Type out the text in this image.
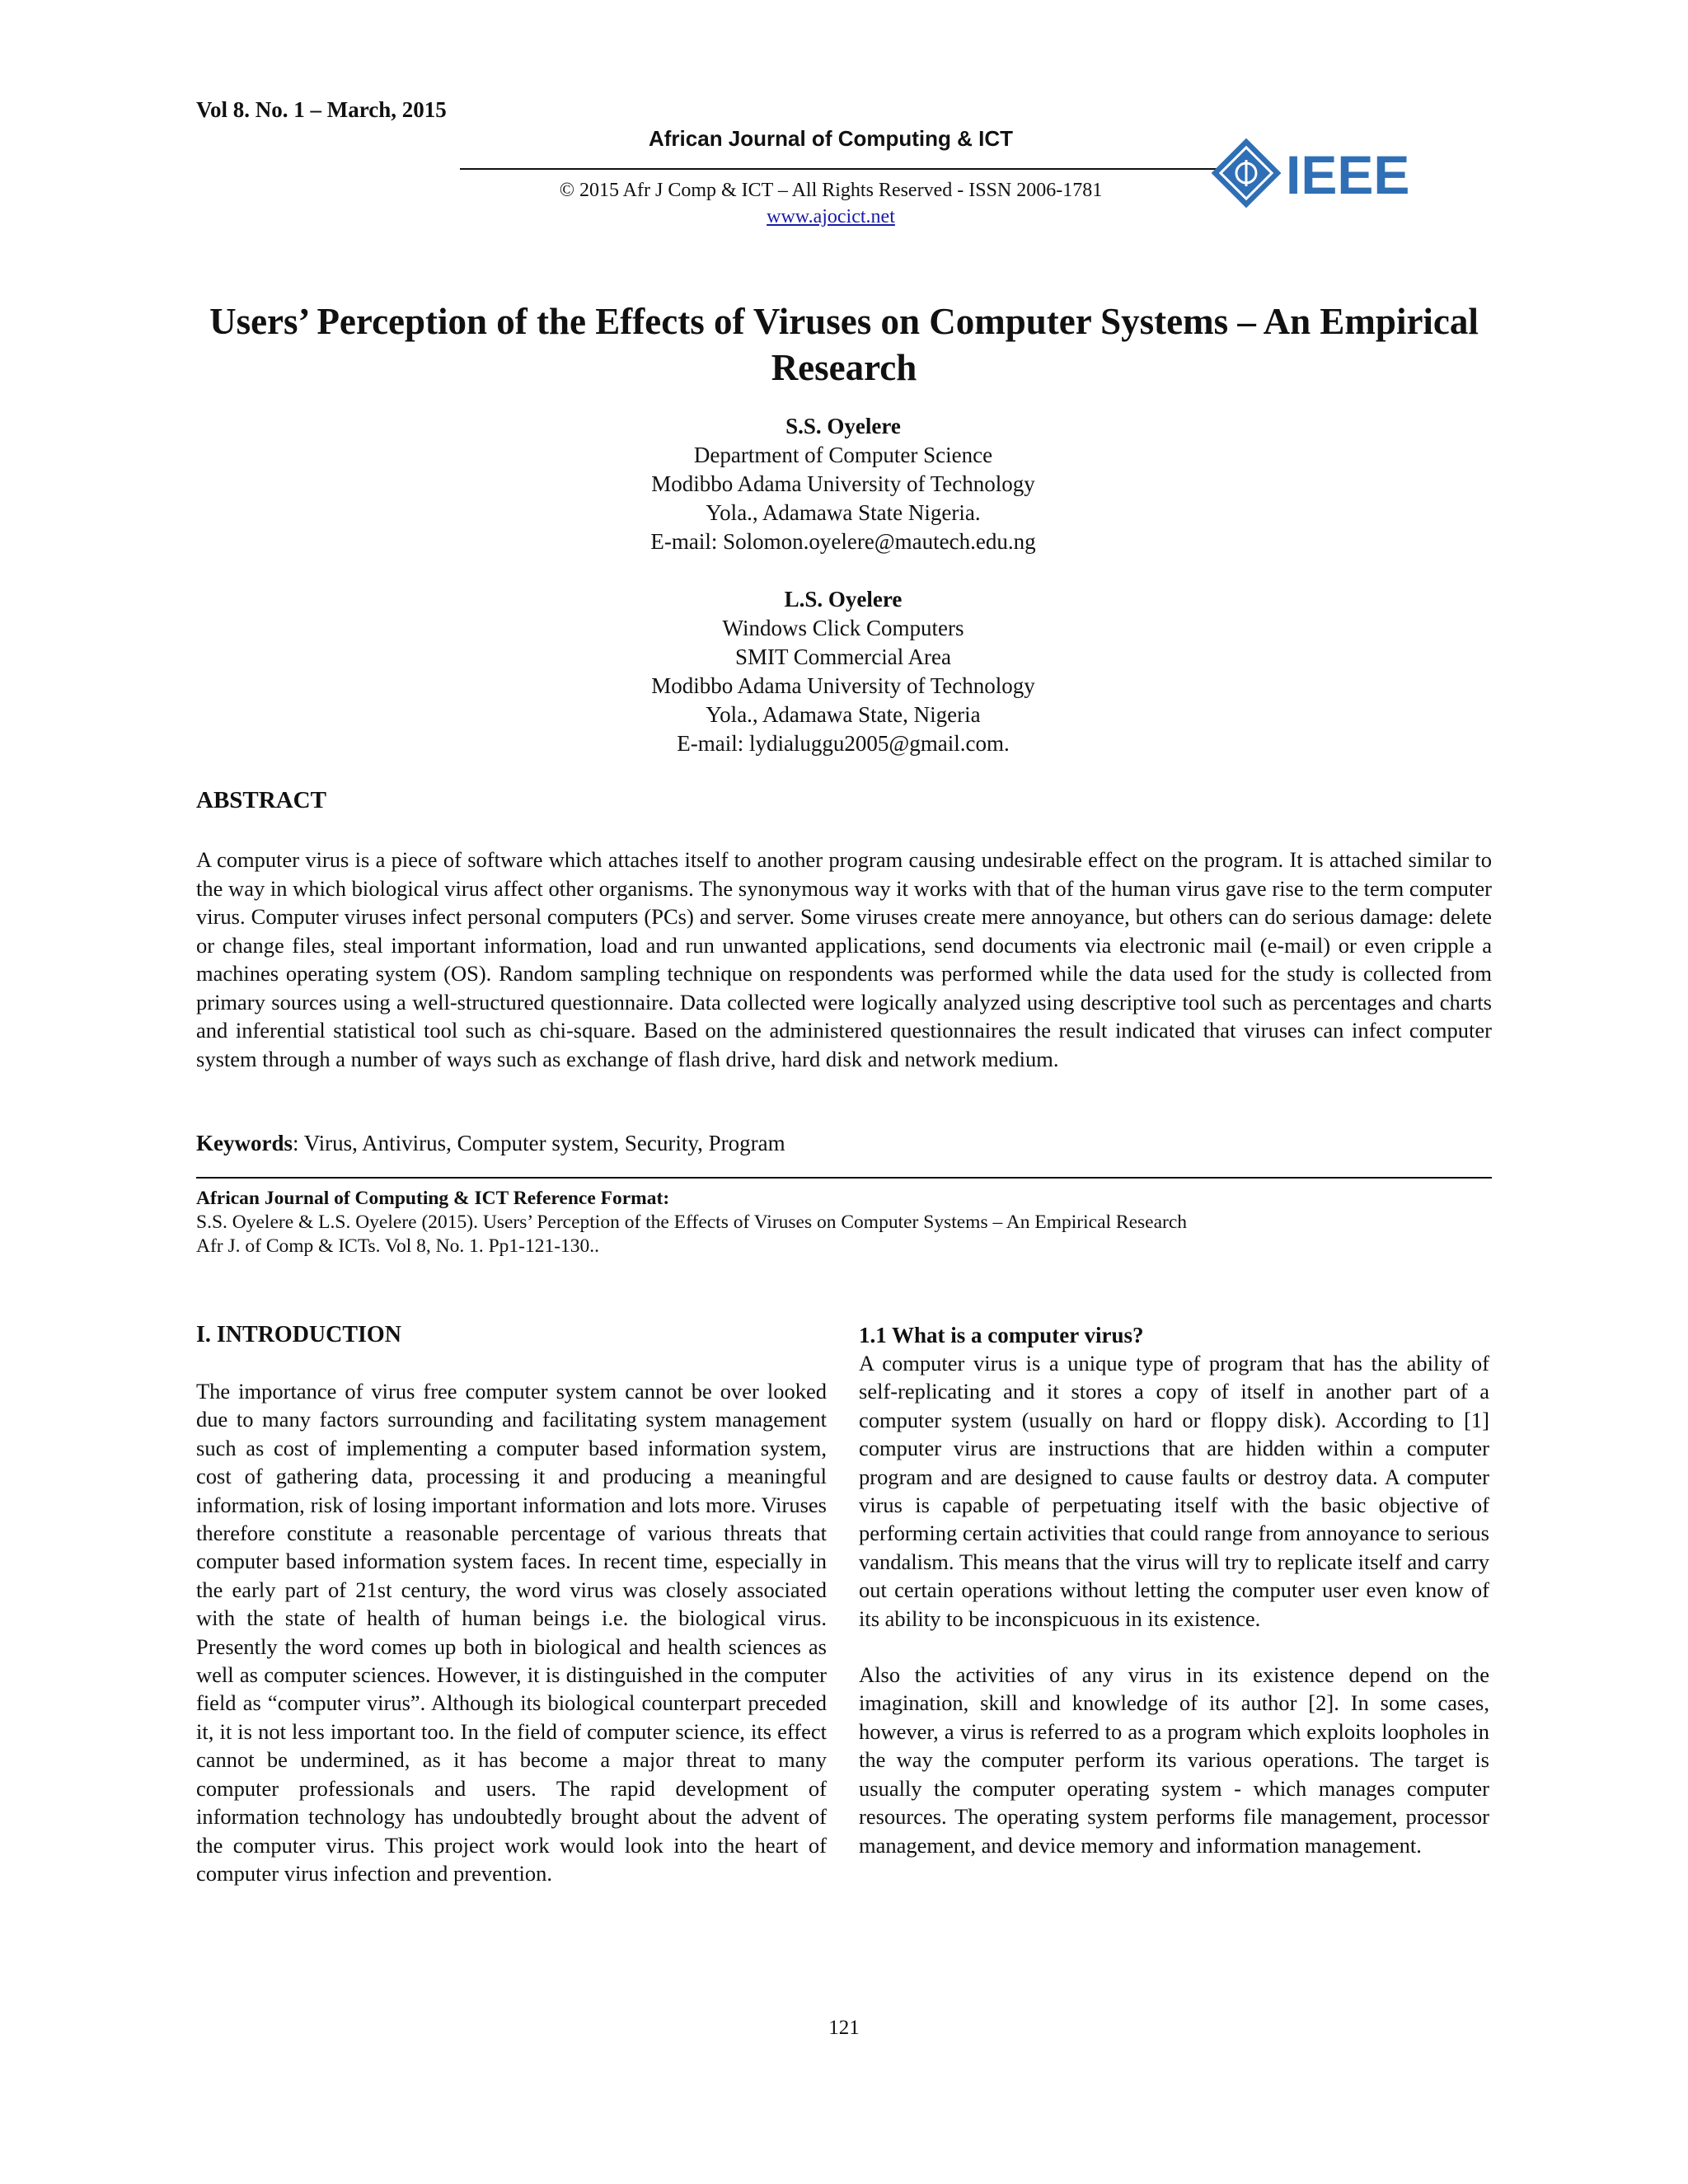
Vol 8. No. 1 – March, 2015
African Journal of Computing & ICT
© 2015 Afr J Comp & ICT – All Rights Reserved - ISSN 2006-1781
www.ajocict.net
IEEE
Users’ Perception of the Effects of Viruses on Computer Systems – An Empirical Research
S.S. Oyelere
Department of Computer Science
Modibbo Adama University of Technology
Yola., Adamawa State Nigeria.
E-mail: Solomon.oyelere@mautech.edu.ng
L.S. Oyelere
Windows Click Computers
SMIT Commercial Area
Modibbo Adama University of Technology
Yola., Adamawa State, Nigeria
E-mail: lydialuggu2005@gmail.com.
ABSTRACT
A computer virus is a piece of software which attaches itself to another program causing undesirable effect on the program. It is attached similar to the way in which biological virus affect other organisms. The synonymous way it works with that of the human virus gave rise to the term computer virus. Computer viruses infect personal computers (PCs) and server. Some viruses create mere annoyance, but others can do serious damage: delete or change files, steal important information, load and run unwanted applications, send documents via electronic mail (e-mail) or even cripple a machines operating system (OS). Random sampling technique on respondents was performed while the data used for the study is collected from primary sources using a well-structured questionnaire. Data collected were logically analyzed using descriptive tool such as percentages and charts and inferential statistical tool such as chi-square. Based on the administered questionnaires the result indicated that viruses can infect computer system through a number of ways such as exchange of flash drive, hard disk and network medium.
Keywords: Virus, Antivirus, Computer system, Security, Program
African Journal of Computing & ICT Reference Format:
S.S. Oyelere & L.S. Oyelere (2015). Users’ Perception of the Effects of Viruses on Computer Systems – An Empirical Research
Afr J. of Comp & ICTs. Vol 8, No. 1. Pp1-121-130..
I. INTRODUCTION

The importance of virus free computer system cannot be over looked due to many factors surrounding and facilitating system management such as cost of implementing a computer based information system, cost of gathering data, processing it and producing a meaningful information, risk of losing important information and lots more. Viruses therefore constitute a reasonable percentage of various threats that computer based information system faces. In recent time, especially in the early part of 21st century, the word virus was closely associated with the state of health of human beings i.e. the biological virus. Presently the word comes up both in biological and health sciences as well as computer sciences. However, it is distinguished in the computer field as “computer virus”. Although its biological counterpart preceded it, it is not less important too. In the field of computer science, its effect cannot be undermined, as it has become a major threat to many computer professionals and users. The rapid development of information technology has undoubtedly brought about the advent of the computer virus. This project work would look into the heart of computer virus infection and prevention.

1.1 What is a computer virus?

A computer virus is a unique type of program that has the ability of self-replicating and it stores a copy of itself in another part of a computer system (usually on hard or floppy disk). According to [1] computer virus are instructions that are hidden within a computer program and are designed to cause faults or destroy data. A computer virus is capable of perpetuating itself with the basic objective of performing certain activities that could range from annoyance to serious vandalism. This means that the virus will try to replicate itself and carry out certain operations without letting the computer user even know of its ability to be inconspicuous in its existence.

Also the activities of any virus in its existence depend on the imagination, skill and knowledge of its author [2]. In some cases, however, a virus is referred to as a program which exploits loopholes in the way the computer perform its various operations. The target is usually the computer operating system - which manages computer resources. The operating system performs file management, processor management, and device memory and information management.

121
